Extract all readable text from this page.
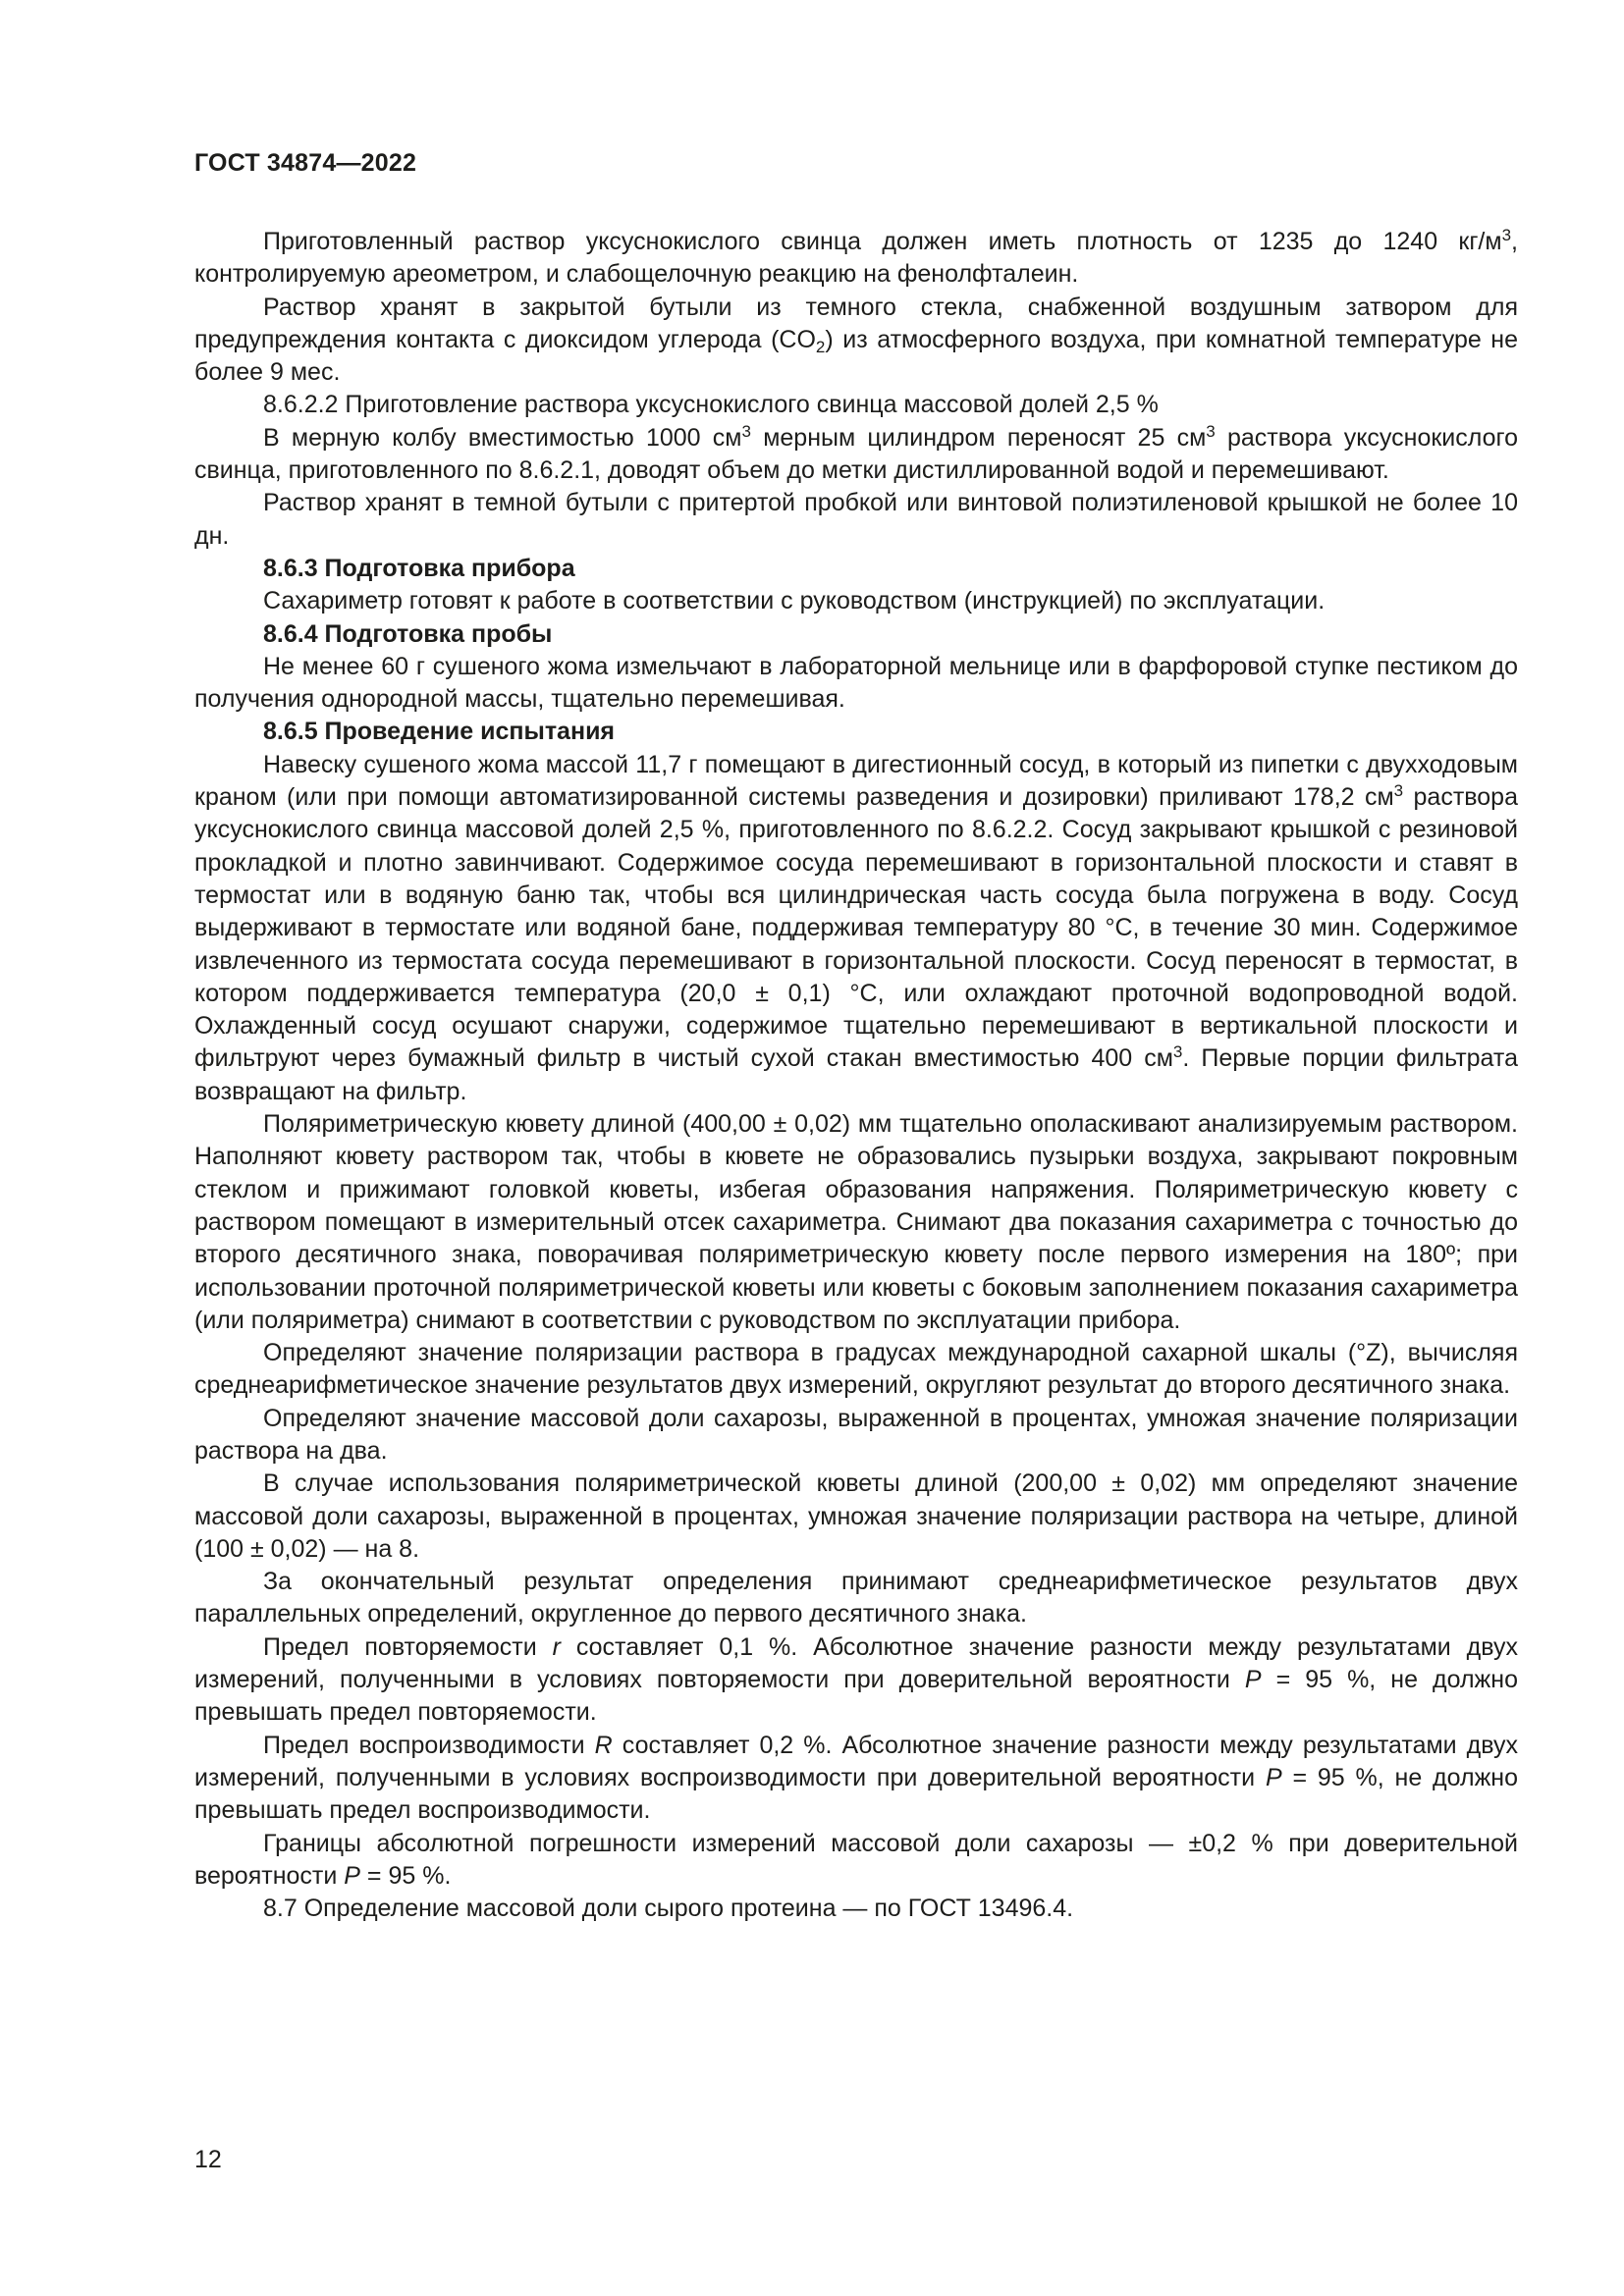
ГОСТ 34874—2022

Приготовленный раствор уксуснокислого свинца должен иметь плотность от 1235 до 1240 $кг/м^3$, контролируемую ареометром, и слабощелочную реакцию на фенолфталеин.

Раствор хранят в закрытой бутыли из темного стекла, снабженной воздушным затвором для предупреждения контакта с диоксидом углерода $(CO_2)$ из атмосферного воздуха, при комнатной температуре не более 9 мес.

8.6.2.2 Приготовление раствора уксуснокислого свинца массовой долей 2,5 %

В мерную колбу вместимостью 1000 $см^3$ мерным цилиндром переносят 25 $см^3$ раствора уксуснокислого свинца, приготовленного по 8.6.2.1, доводят объем до метки дистиллированной водой и перемешивают.

Раствор хранят в темной бутыли с притертой пробкой или винтовой полиэтиленовой крышкой не более 10 дн.

8.6.3 Подготовка прибора

Сахариметр готовят к работе в соответствии с руководством (инструкцией) по эксплуатации.

8.6.4 Подготовка пробы

Не менее 60 г сушеного жома измельчают в лабораторной мельнице или в фарфоровой ступке пестиком до получения однородной массы, тщательно перемешивая.

8.6.5 Проведение испытания

Навеску сушеного жома массой 11,7 г помещают в дигестионный сосуд, в который из пипетки с двухходовым краном (или при помощи автоматизированной системы разведения и дозировки) приливают 178,2 $см^3$ раствора уксуснокислого свинца массовой долей 2,5 %, приготовленного по 8.6.2.2. Сосуд закрывают крышкой с резиновой прокладкой и плотно завинчивают. Содержимое сосуда перемешивают в горизонтальной плоскости и ставят в термостат или в водяную баню так, чтобы вся цилиндрическая часть сосуда была погружена в воду. Сосуд выдерживают в термостате или водяной бане, поддерживая температуру 80 °С, в течение 30 мин. Содержимое извлеченного из термостата сосуда перемешивают в горизонтальной плоскости. Сосуд переносят в термостат, в котором поддерживается температура (20,0 ± 0,1) °С, или охлаждают проточной водопроводной водой. Охлажденный сосуд осушают снаружи, содержимое тщательно перемешивают в вертикальной плоскости и фильтруют через бумажный фильтр в чистый сухой стакан вместимостью 400 $см^3$. Первые порции фильтрата возвращают на фильтр.

Поляриметрическую кювету длиной (400,00 ± 0,02) мм тщательно ополаскивают анализируемым раствором. Наполняют кювету раствором так, чтобы в кювете не образовались пузырьки воздуха, закрывают покровным стеклом и прижимают головкой кюветы, избегая образования напряжения. Поляриметрическую кювету с раствором помещают в измерительный отсек сахариметра. Снимают два показания сахариметра с точностью до второго десятичного знака, поворачивая поляриметрическую кювету после первого измерения на 180º; при использовании проточной поляриметрической кюветы или кюветы с боковым заполнением показания сахариметра (или поляриметра) снимают в соответствии с руководством по эксплуатации прибора.

Определяют значение поляризации раствора в градусах международной сахарной шкалы (°Z), вычисляя среднеарифметическое значение результатов двух измерений, округляют результат до второго десятичного знака.

Определяют значение массовой доли сахарозы, выраженной в процентах, умножая значение поляризации раствора на два.

В случае использования поляриметрической кюветы длиной (200,00 ± 0,02) мм определяют значение массовой доли сахарозы, выраженной в процентах, умножая значение поляризации раствора на четыре, длиной (100 ± 0,02) — на 8.

За окончательный результат определения принимают среднеарифметическое результатов двух параллельных определений, округленное до первого десятичного знака.

Предел повторяемости r составляет 0,1 %. Абсолютное значение разности между результатами двух измерений, полученными в условиях повторяемости при доверительной вероятности P = 95 %, не должно превышать предел повторяемости.

Предел воспроизводимости R составляет 0,2 %. Абсолютное значение разности между результатами двух измерений, полученными в условиях воспроизводимости при доверительной вероятности P = 95 %, не должно превышать предел воспроизводимости.

Границы абсолютной погрешности измерений массовой доли сахарозы — ±0,2 % при доверительной вероятности P = 95 %.

8.7 Определение массовой доли сырого протеина — по ГОСТ 13496.4.

12
